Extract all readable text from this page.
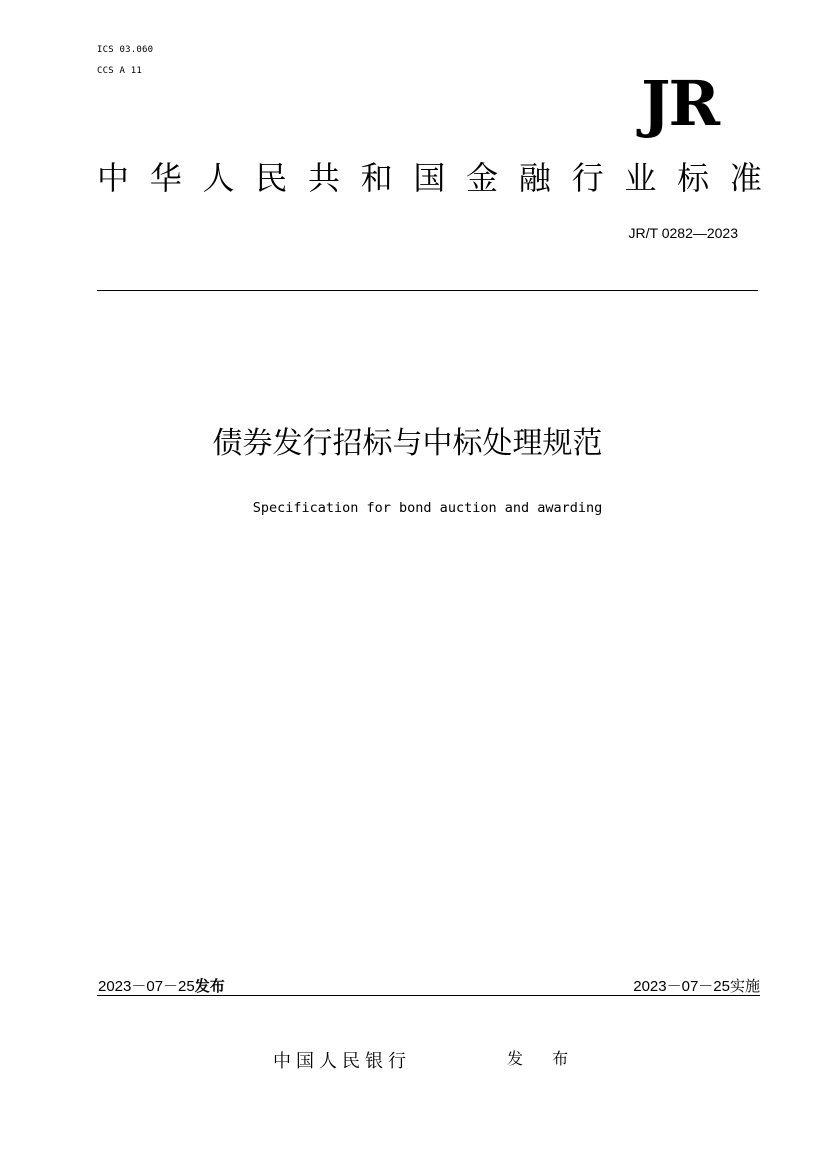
ICS 03.060
CCS A 11	JR
中 华 人 民 共 和 国 金 融 行 业 标 准
JR/T 0282—2023
债券发行招标与中标处理规范
Specification for bond auction and awarding
2023－07－25发布	2023－07－25实施
中国人民银行	发 布
